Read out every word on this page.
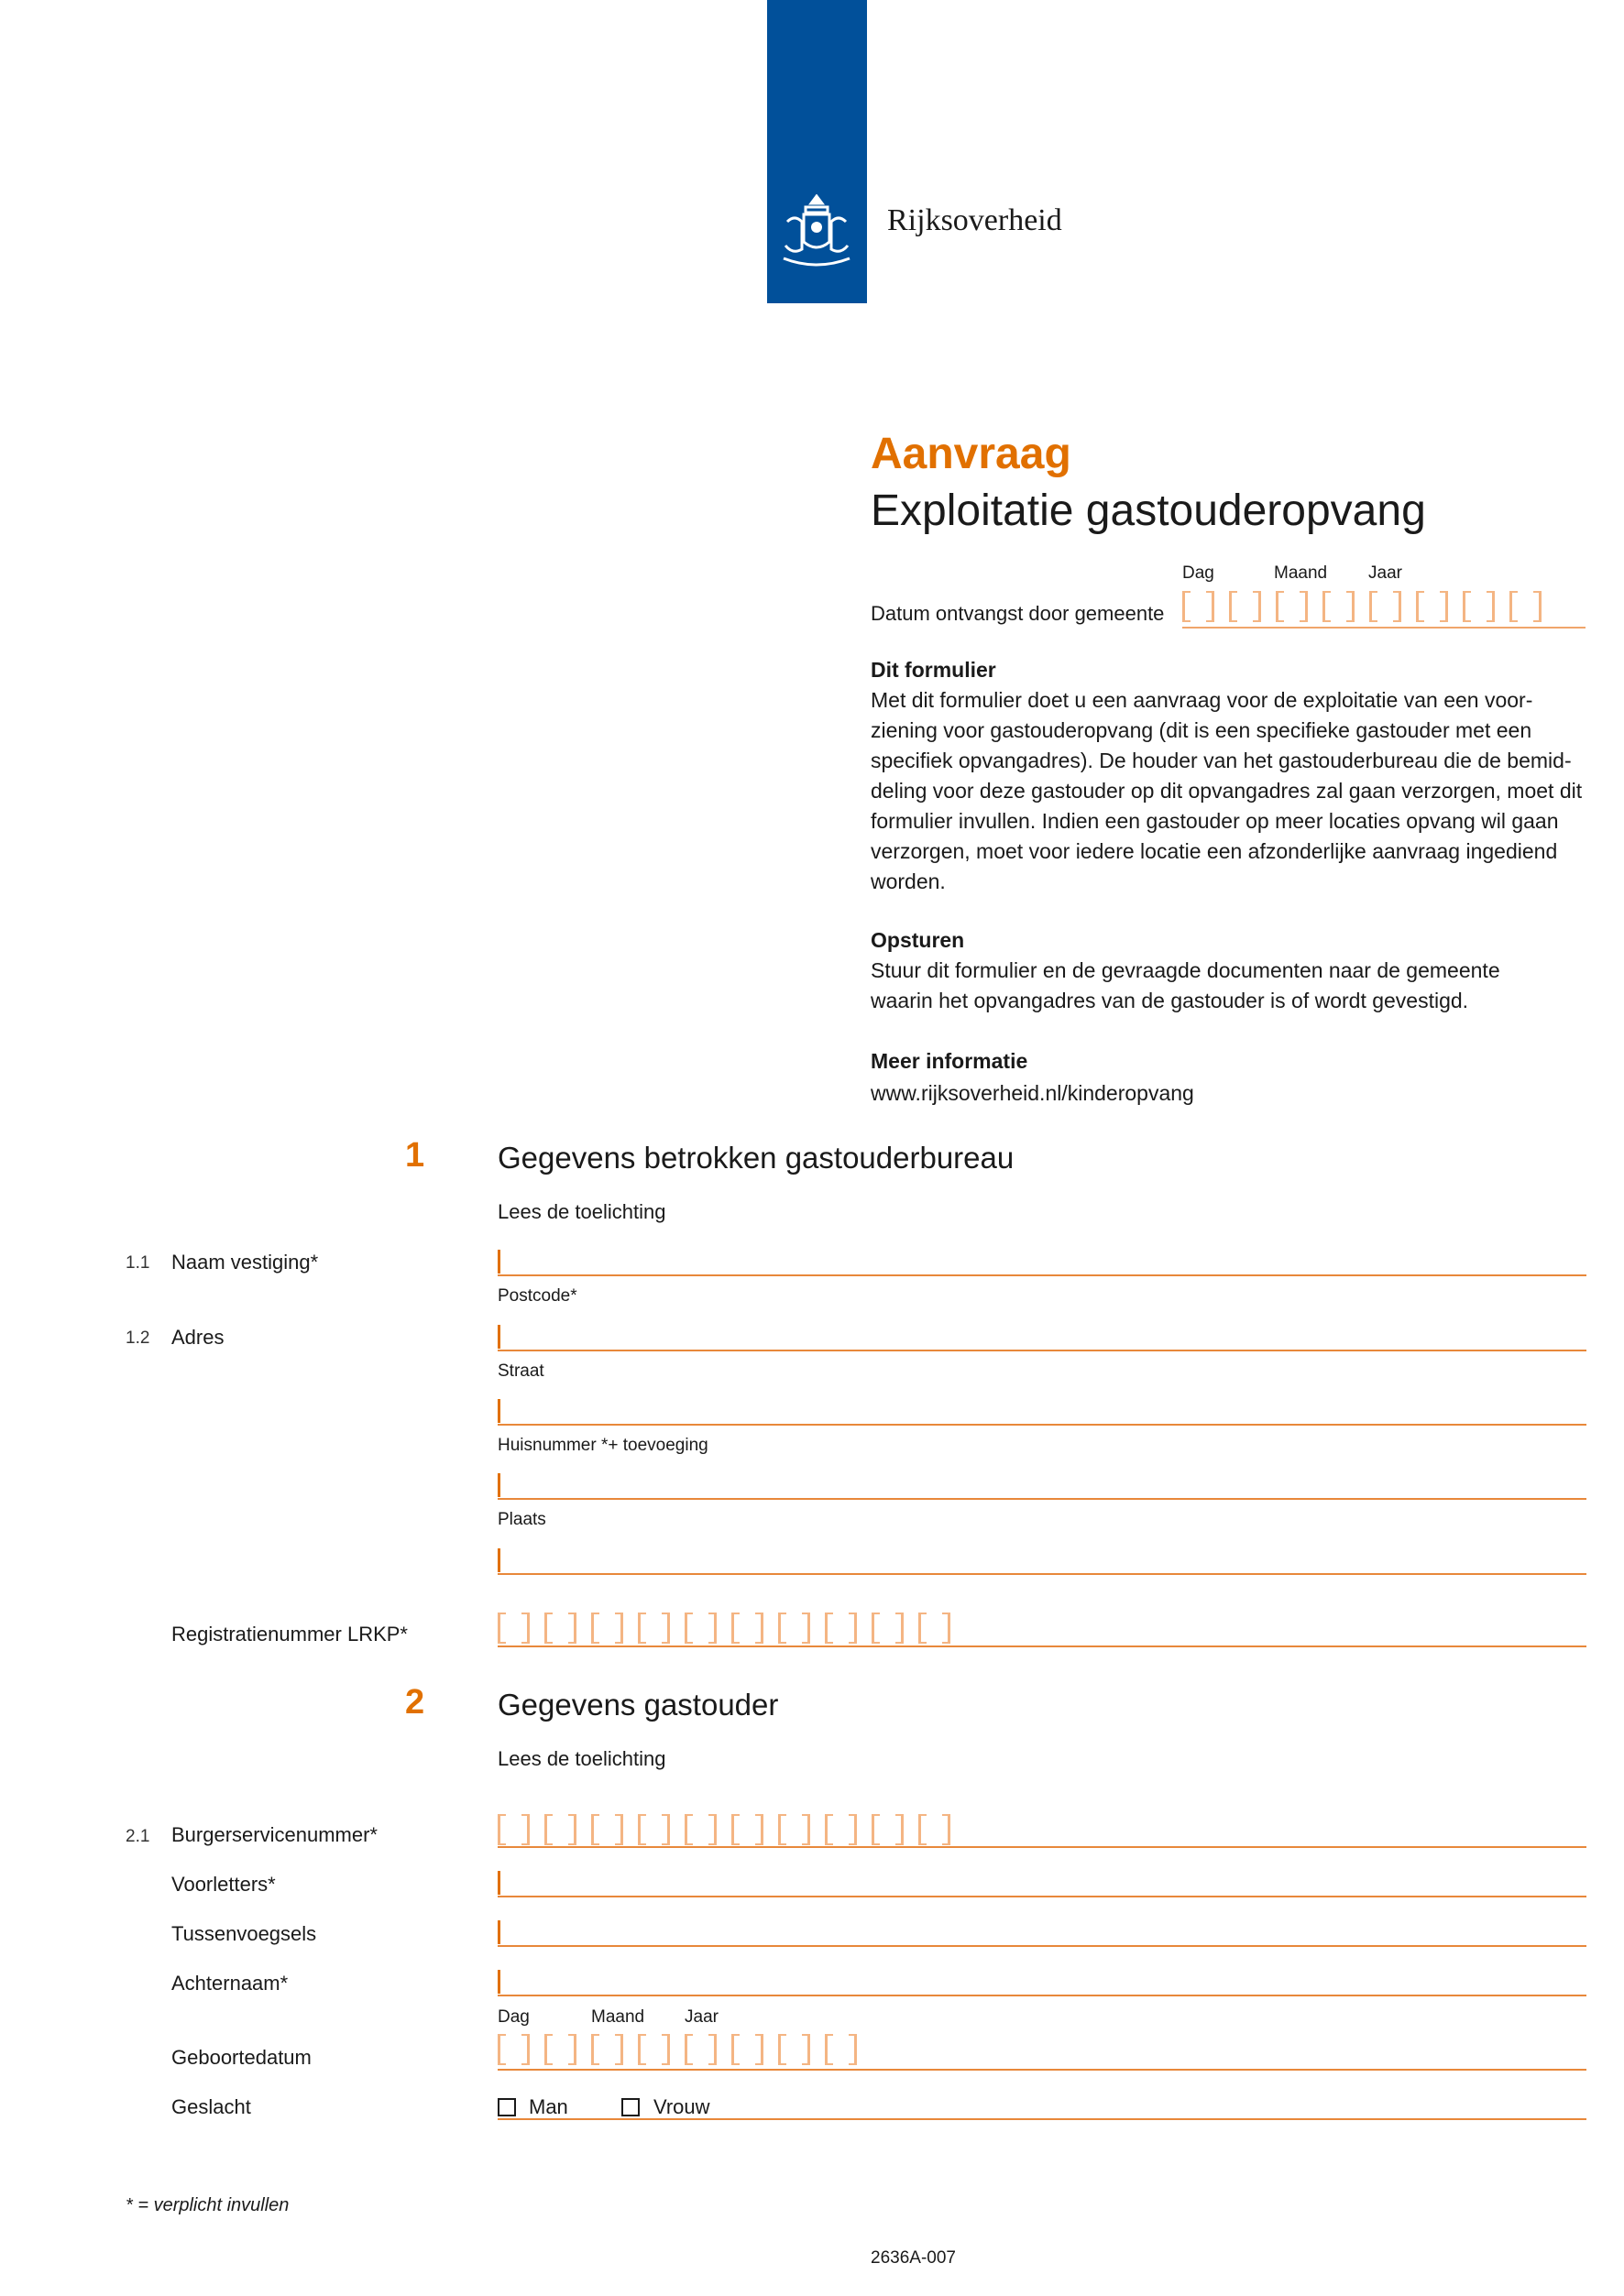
Rijksoverheid
Aanvraag
Exploitatie gastouderopvang
Dag	Maand Jaar
Datum ontvangst door gemeente
Dit formulier
Met dit formulier doet u een aanvraag voor de exploitatie van een voor-
ziening voor gastouderopvang (dit is een specifieke gastouder met een
specifiek opvangadres). De houder van het gastouderbureau die de bemid-
deling voor deze gastouder op dit opvangadres zal gaan verzorgen, moet dit
formulier invullen. Indien een gastouder op meer locaties opvang wil gaan
verzorgen, moet voor iedere locatie een afzonderlijke aanvraag ingediend
worden.
Opsturen
Stuur dit formulier en de gevraagde documenten naar de gemeente
waarin het opvangadres van de gastouder is of wordt gevestigd.
Meer informatie
www.rijksoverheid.nl/kinderopvang
1 Gegevens betrokken gastouderbureau
Lees de toelichting
1.1 Naam vestiging*
Postcode*
1.2 Adres
Straat
Huisnummer *+ toevoeging
Plaats
Registratienummer LRKP*
2 Gegevens gastouder
Lees de toelichting
2.1 Burgerservicenummer*
Voorletters*
Tussenvoegsels
Achternaam*
Dag	Maand Jaar
Geboortedatum
Geslacht	Man	Vrouw
* = verplicht invullen
2636A-007
